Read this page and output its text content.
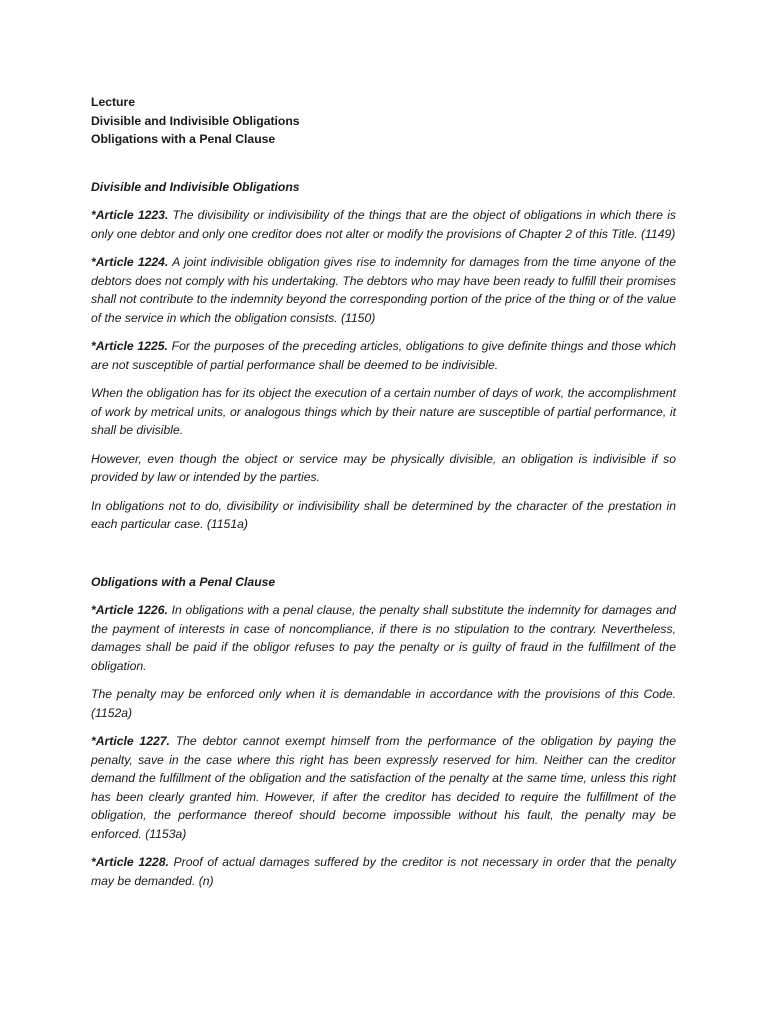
Lecture

Divisible and Indivisible Obligations

Obligations with a Penal Clause

Divisible and Indivisible Obligations

*Article 1223. The divisibility or indivisibility of the things that are the object of obligations in which there is only one debtor and only one creditor does not alter or modify the provisions of Chapter 2 of this Title. (1149)

*Article 1224. A joint indivisible obligation gives rise to indemnity for damages from the time anyone of the debtors does not comply with his undertaking. The debtors who may have been ready to fulfill their promises shall not contribute to the indemnity beyond the corresponding portion of the price of the thing or of the value of the service in which the obligation consists. (1150)

*Article 1225. For the purposes of the preceding articles, obligations to give definite things and those which are not susceptible of partial performance shall be deemed to be indivisible.

When the obligation has for its object the execution of a certain number of days of work, the accomplishment of work by metrical units, or analogous things which by their nature are susceptible of partial performance, it shall be divisible.

However, even though the object or service may be physically divisible, an obligation is indivisible if so provided by law or intended by the parties.

In obligations not to do, divisibility or indivisibility shall be determined by the character of the prestation in each particular case. (1151a)

Obligations with a Penal Clause

*Article 1226. In obligations with a penal clause, the penalty shall substitute the indemnity for damages and the payment of interests in case of noncompliance, if there is no stipulation to the contrary. Nevertheless, damages shall be paid if the obligor refuses to pay the penalty or is guilty of fraud in the fulfillment of the obligation.

The penalty may be enforced only when it is demandable in accordance with the provisions of this Code. (1152a)

*Article 1227. The debtor cannot exempt himself from the performance of the obligation by paying the penalty, save in the case where this right has been expressly reserved for him. Neither can the creditor demand the fulfillment of the obligation and the satisfaction of the penalty at the same time, unless this right has been clearly granted him. However, if after the creditor has decided to require the fulfillment of the obligation, the performance thereof should become impossible without his fault, the penalty may be enforced. (1153a)

*Article 1228. Proof of actual damages suffered by the creditor is not necessary in order that the penalty may be demanded. (n)
